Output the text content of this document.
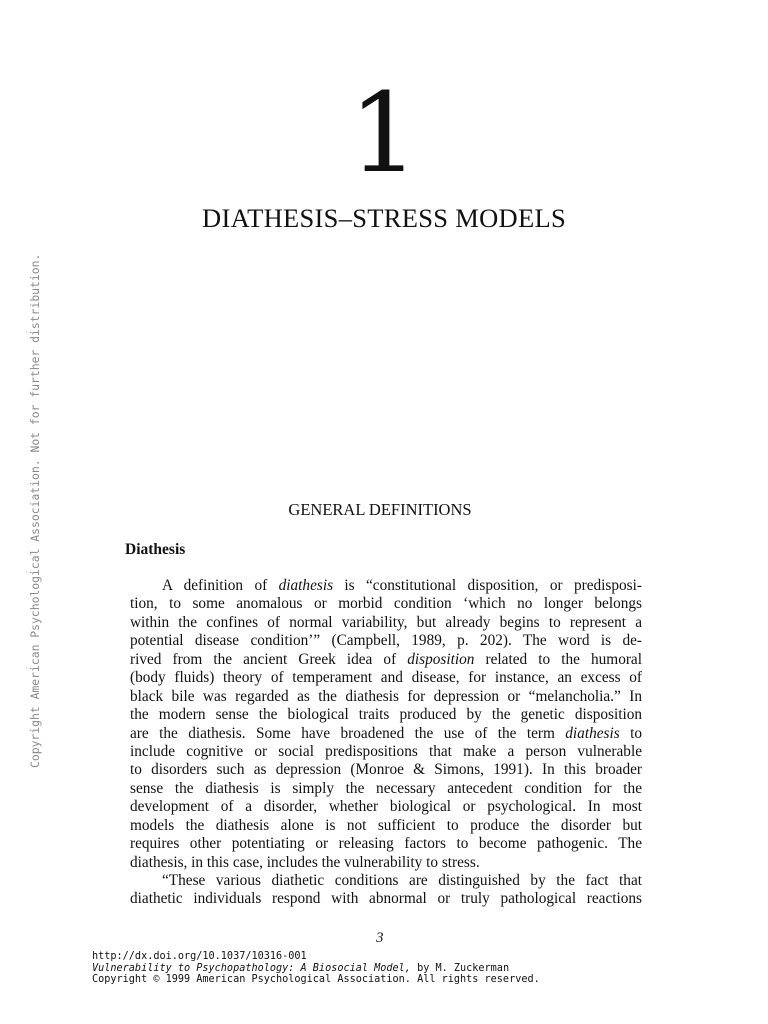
Copyright American Psychological Association. Not for further distribution.
1
DIATHESIS–STRESS MODELS
GENERAL DEFINITIONS
Diathesis
A definition of diathesis is “constitutional disposition, or predisposi-
tion, to some anomalous or morbid condition ‘which no longer belongs
within the confines of normal variability, but already begins to represent a
potential disease condition’” (Campbell, 1989, p. 202). The word is de-
rived from the ancient Greek idea of disposition related to the humoral
(body fluids) theory of temperament and disease, for instance, an excess of
black bile was regarded as the diathesis for depression or “melancholia.” In
the modern sense the biological traits produced by the genetic disposition
are the diathesis. Some have broadened the use of the term diathesis to
include cognitive or social predispositions that make a person vulnerable
to disorders such as depression (Monroe & Simons, 1991). In this broader
sense the diathesis is simply the necessary antecedent condition for the
development of a disorder, whether biological or psychological. In most
models the diathesis alone is not sufficient to produce the disorder but
requires other potentiating or releasing factors to become pathogenic. The
diathesis, in this case, includes the vulnerability to stress.
“These various diathetic conditions are distinguished by the fact that
diathetic individuals respond with abnormal or truly pathological reactions
3
http://dx.doi.org/10.1037/10316-001
Vulnerability to Psychopathology: A Biosocial Model, by M. Zuckerman
Copyright © 1999 American Psychological Association. All rights reserved.
